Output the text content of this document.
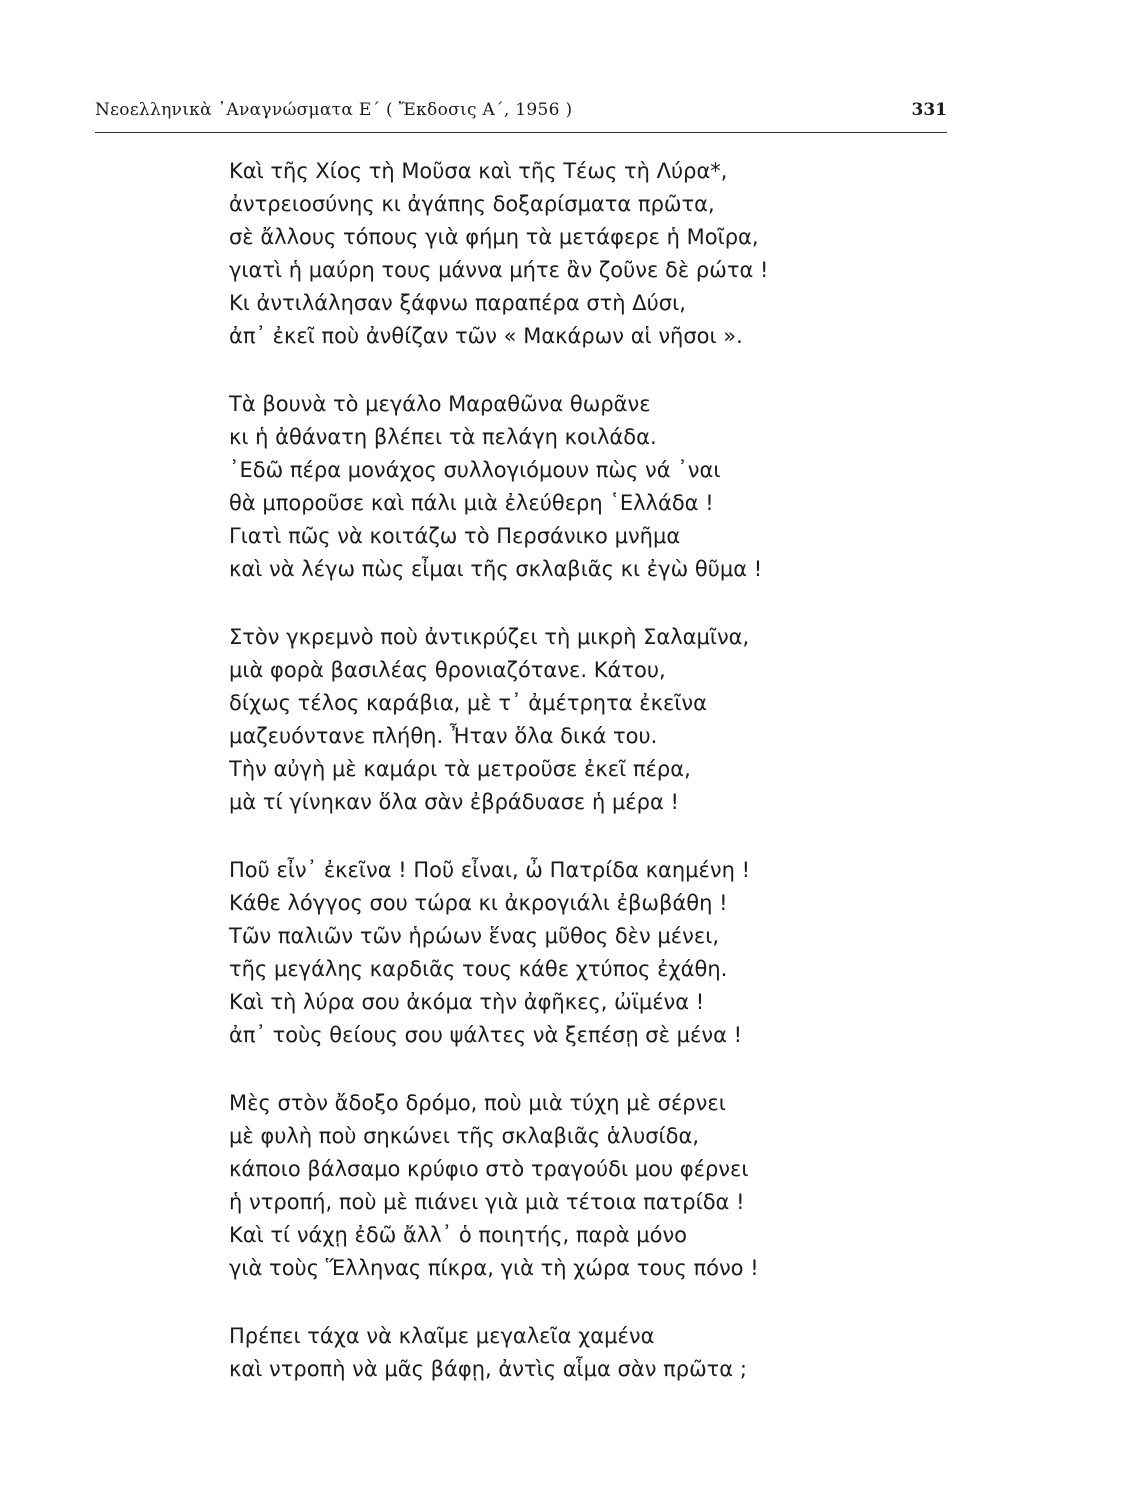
Νεοελληνικὰ ᾿Αναγνώσματα Ε΄ ( Ἔκδοσις Α΄, 1956 )	331
Καὶ τῆς Χίος τὴ Μοῦσα καὶ τῆς Τέως τὴ Λύρα*,
ἀντρειοσύνης κι ἀγάπης δοξαρίσματα πρῶτα,
σὲ ἄλλους τόπους γιὰ φήμη τὰ μετάφερε ἡ Μοῖρα,
γιατὶ ἡ μαύρη τους μάννα μήτε ἂν ζοῦνε δὲ ρώτα !
Κι ἀντιλάλησαν ξάφνω παραπέρα στὴ Δύσι,
ἀπ᾿ ἐκεῖ ποὺ ἀνθίζαν τῶν « Μακάρων αἱ νῆσοι ».
Τὰ βουνὰ τὸ μεγάλο Μαραθῶνα θωρᾶνε
κι ἡ ἀθάνατη βλέπει τὰ πελάγη κοιλάδα.
᾿Εδῶ πέρα μονάχος συλλογιόμουν πὼς νά ᾿ναι
θὰ μποροῦσε καὶ πάλι μιὰ ἐλεύθερη ῾Ελλάδα !
Γιατὶ πῶς νὰ κοιτάζω τὸ Περσάνικο μνῆμα
καὶ νὰ λέγω πὼς εἶμαι τῆς σκλαβιᾶς κι ἐγὼ θῦμα !
Στὸν γκρεμνὸ ποὺ ἀντικρύζει τὴ μικρὴ Σαλαμῖνα,
μιὰ φορὰ βασιλέας θρονιαζότανε. Κάτου,
δίχως τέλος καράβια, μὲ τ᾿ ἀμέτρητα ἐκεῖνα
μαζευόντανε πλήθη. Ἦταν ὅλα δικά του.
Τὴν αὐγὴ μὲ καμάρι τὰ μετροῦσε ἐκεῖ πέρα,
μὰ τί γίνηκαν ὅλα σὰν ἐβράδυασε ἡ μέρα !
Ποῦ εἶν᾿ ἐκεῖνα ! Ποῦ εἶναι, ὦ Πατρίδα καημένη !
Κάθε λόγγος σου τώρα κι ἀκρογιάλι ἐβωβάθη !
Τῶν παλιῶν τῶν ἡρώων ἕνας μῦθος δὲν μένει,
τῆς μεγάλης καρδιᾶς τους κάθε χτύπος ἐχάθη.
Καὶ τὴ λύρα σου ἀκόμα τὴν ἀφῆκες, ὠϊμένα !
ἀπ᾿ τοὺς θείους σου ψάλτες νὰ ξεπέσῃ σὲ μένα !
Μὲς στὸν ἄδοξο δρόμο, ποὺ μιὰ τύχη μὲ σέρνει
μὲ φυλὴ ποὺ σηκώνει τῆς σκλαβιᾶς ἁλυσίδα,
κάποιο βάλσαμο κρύφιο στὸ τραγούδι μου φέρνει
ἡ ντροπή, ποὺ μὲ πιάνει γιὰ μιὰ τέτοια πατρίδα !
Καὶ τί νάχῃ ἐδῶ ἄλλ᾿ ὁ ποιητής, παρὰ μόνο
γιὰ τοὺς Ἕλληνας πίκρα, γιὰ τὴ χώρα τους πόνο !
Πρέπει τάχα νὰ κλαῖμε μεγαλεῖα χαμένα
καὶ ντροπὴ νὰ μᾶς βάφῃ, ἀντὶς αἷμα σὰν πρῶτα ;
